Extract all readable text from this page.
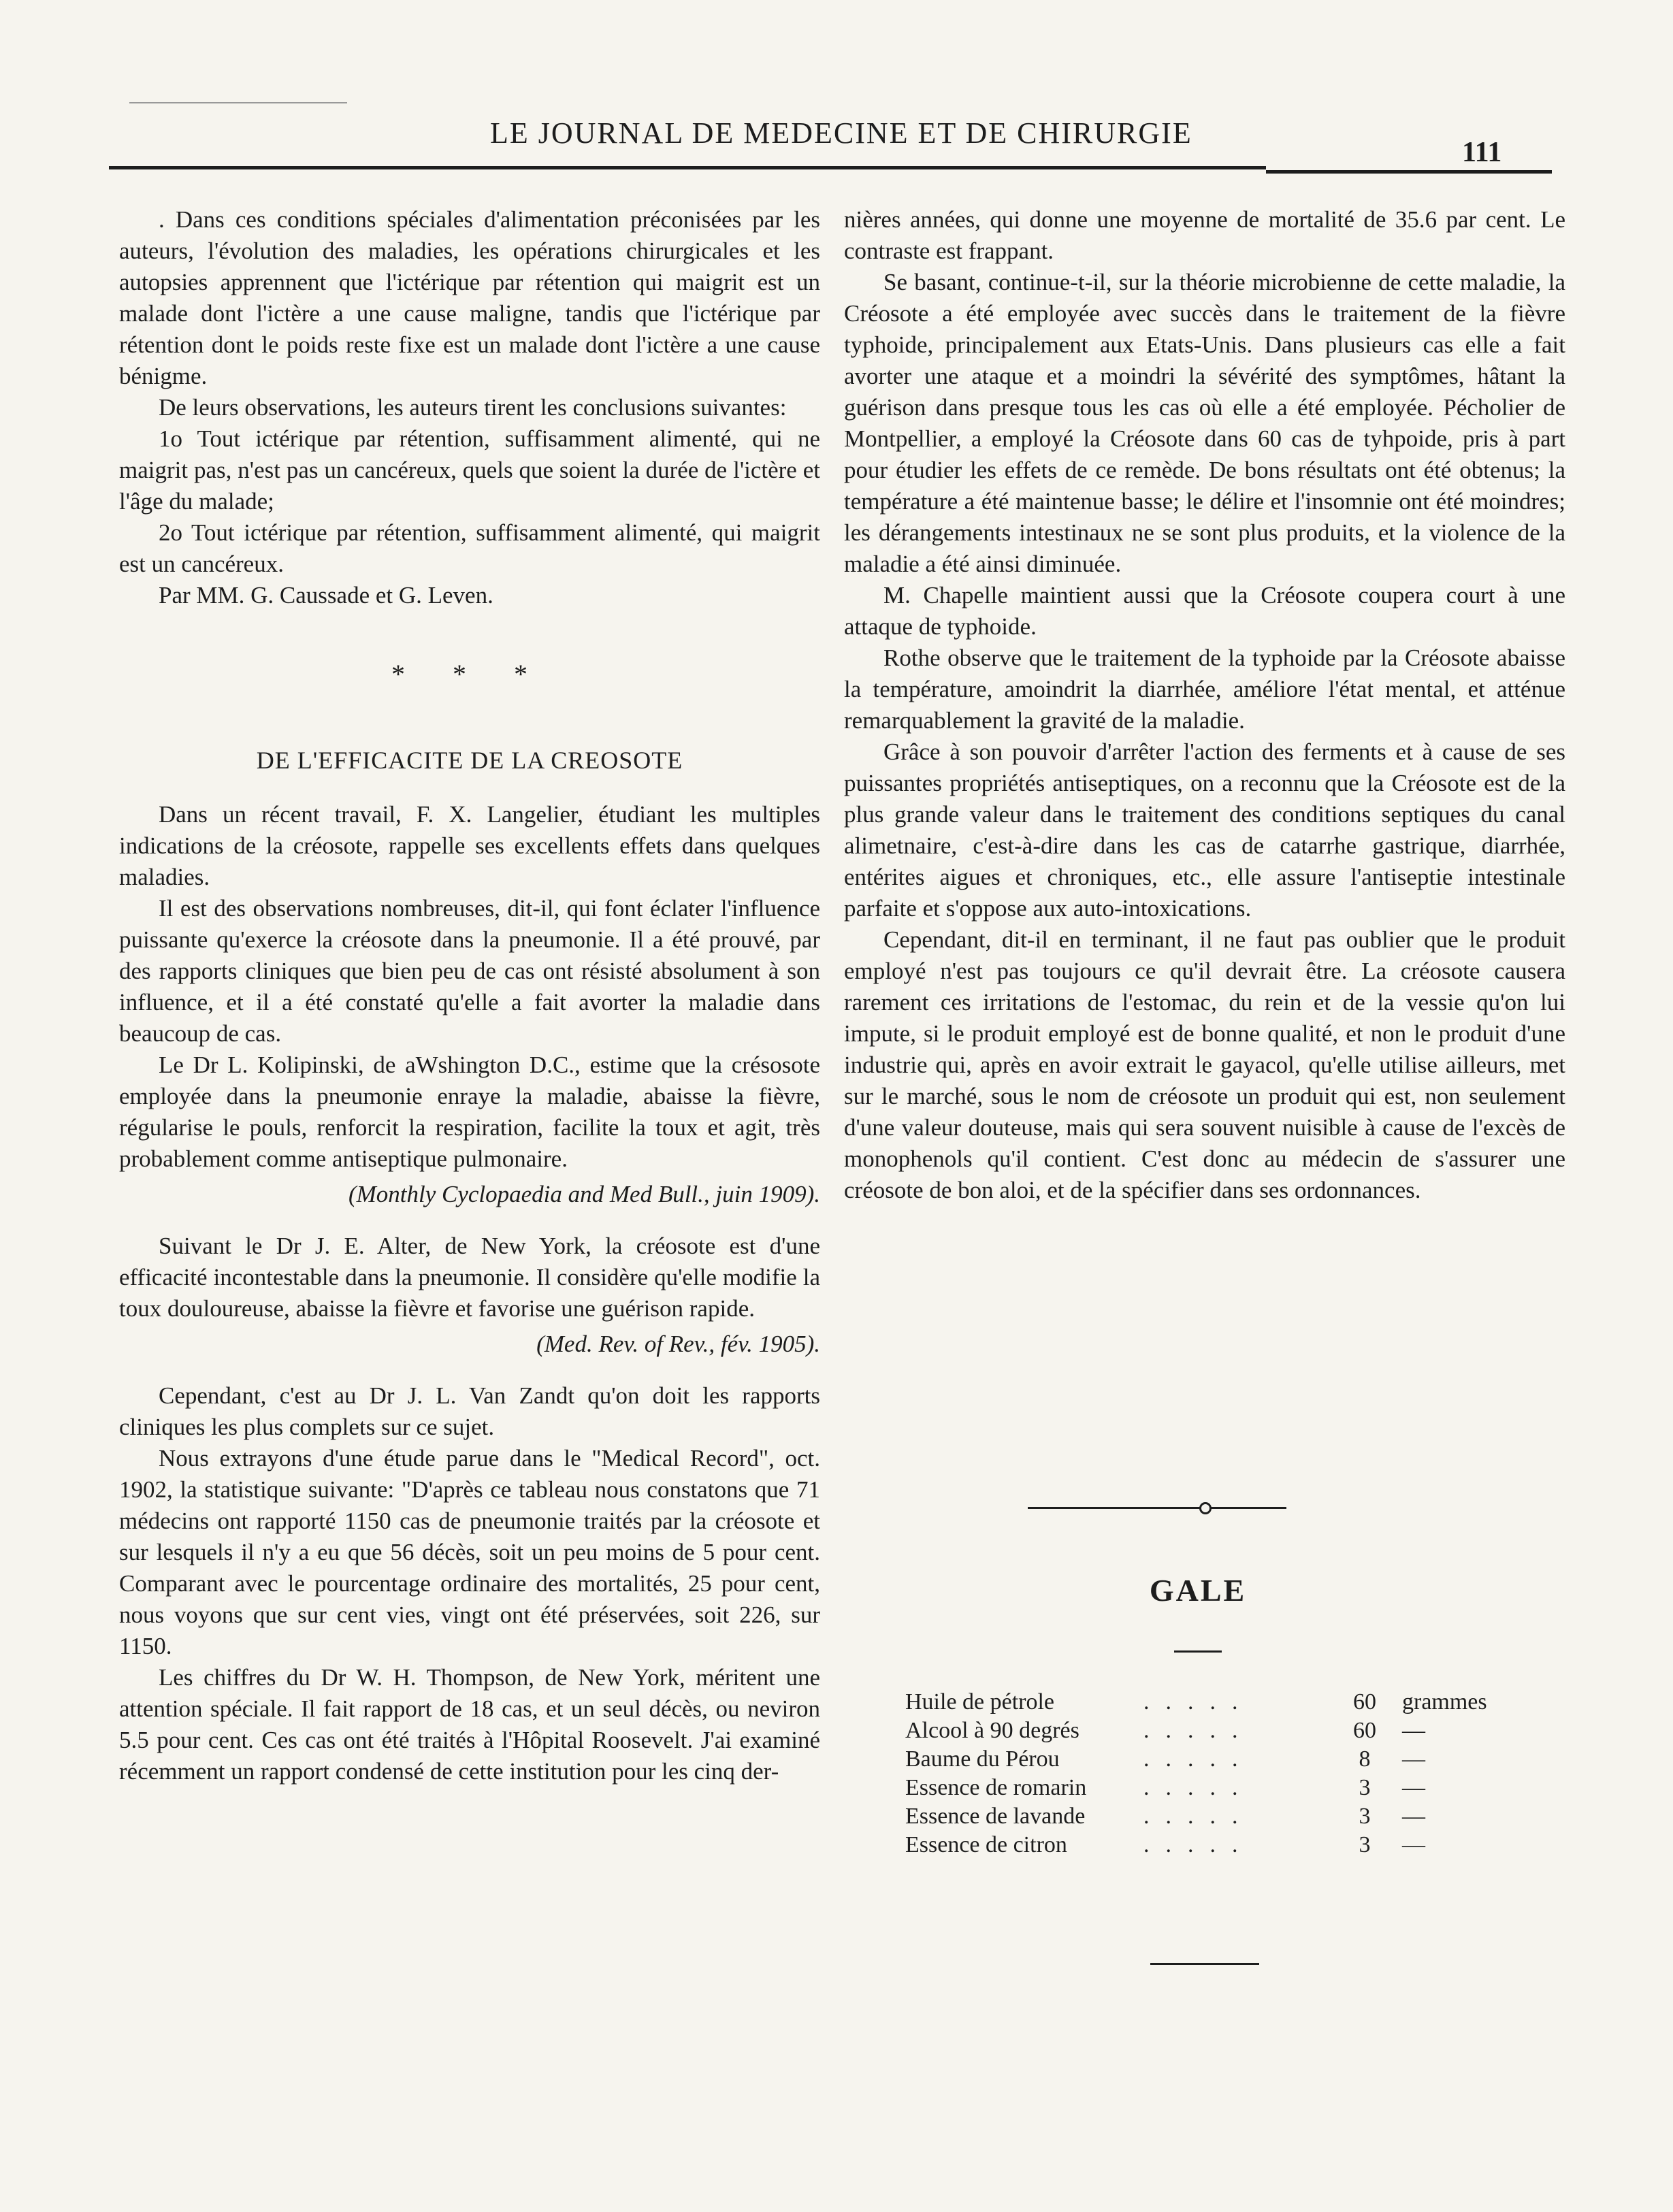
LE JOURNAL DE MEDECINE ET DE CHIRURGIE
111

. Dans ces conditions spéciales d'alimentation préconisées par les auteurs, l'évolution des maladies, les opérations chirurgicales et les autopsies apprennent que l'ictérique par rétention qui maigrit est un malade dont l'ictère a une cause maligne, tandis que l'ictérique par rétention dont le poids reste fixe est un malade dont l'ictère a une cause bénigme.

De leurs observations, les auteurs tirent les conclusions suivantes:

1o Tout ictérique par rétention, suffisamment alimenté, qui ne maigrit pas, n'est pas un cancéreux, quels que soient la durée de l'ictère et l'âge du malade;

2o Tout ictérique par rétention, suffisamment alimenté, qui maigrit est un cancéreux.

Par MM. G. Caussade et G. Leven.

* * *
DE L'EFFICACITE DE LA CREOSOTE

Dans un récent travail, F. X. Langelier, étudiant les multiples indications de la créosote, rappelle ses excellents effets dans quelques maladies.

Il est des observations nombreuses, dit-il, qui font éclater l'influence puissante qu'exerce la créosote dans la pneumonie. Il a été prouvé, par des rapports cliniques que bien peu de cas ont résisté absolument à son influence, et il a été constaté qu'elle a fait avorter la maladie dans beaucoup de cas.

Le Dr L. Kolipinski, de aWshington D.C., estime que la crésosote employée dans la pneumonie enraye la maladie, abaisse la fièvre, régularise le pouls, renforcit la respiration, facilite la toux et agit, très probablement comme antiseptique pulmonaire.

(Monthly Cyclopaedia and Med Bull., juin 1909).

Suivant le Dr J. E. Alter, de New York, la créosote est d'une efficacité incontestable dans la pneumonie. Il considère qu'elle modifie la toux douloureuse, abaisse la fièvre et favorise une guérison rapide.

(Med. Rev. of Rev., fév. 1905).

Cependant, c'est au Dr J. L. Van Zandt qu'on doit les rapports cliniques les plus complets sur ce sujet.

Nous extrayons d'une étude parue dans le "Medical Record", oct. 1902, la statistique suivante: "D'après ce tableau nous constatons que 71 médecins ont rapporté 1150 cas de pneumonie traités par la créosote et sur lesquels il n'y a eu que 56 décès, soit un peu moins de 5 pour cent. Comparant avec le pourcentage ordinaire des mortalités, 25 pour cent, nous voyons que sur cent vies, vingt ont été préservées, soit 226, sur 1150.

Les chiffres du Dr W. H. Thompson, de New York, méritent une attention spéciale. Il fait rapport de 18 cas, et un seul décès, ou neviron 5.5 pour cent. Ces cas ont été traités à l'Hôpital Roosevelt. J'ai examiné récemment un rapport condensé de cette institution pour les cinq der-

nières années, qui donne une moyenne de mortalité de 35.6 par cent. Le contraste est frappant.

Se basant, continue-t-il, sur la théorie microbienne de cette maladie, la Créosote a été employée avec succès dans le traitement de la fièvre typhoide, principalement aux Etats-Unis. Dans plusieurs cas elle a fait avorter une ataque et a moindri la sévérité des symptômes, hâtant la guérison dans presque tous les cas où elle a été employée. Pécholier de Montpellier, a employé la Créosote dans 60 cas de tyhpoide, pris à part pour étudier les effets de ce remède. De bons résultats ont été obtenus; la température a été maintenue basse; le délire et l'insomnie ont été moindres; les dérangements intestinaux ne se sont plus produits, et la violence de la maladie a été ainsi diminuée.

M. Chapelle maintient aussi que la Créosote coupera court à une attaque de typhoide.

Rothe observe que le traitement de la typhoide par la Créosote abaisse la température, amoindrit la diarrhée, améliore l'état mental, et atténue remarquablement la gravité de la maladie.

Grâce à son pouvoir d'arrêter l'action des ferments et à cause de ses puissantes propriétés antiseptiques, on a reconnu que la Créosote est de la plus grande valeur dans le traitement des conditions septiques du canal alimetnaire, c'est-à-dire dans les cas de catarrhe gastrique, diarrhée, entérites aigues et chroniques, etc., elle assure l'antiseptie intestinale parfaite et s'oppose aux auto-intoxications.

Cependant, dit-il en terminant, il ne faut pas oublier que le produit employé n'est pas toujours ce qu'il devrait être. La créosote causera rarement ces irritations de l'estomac, du rein et de la vessie qu'on lui impute, si le produit employé est de bonne qualité, et non le produit d'une industrie qui, après en avoir extrait le gayacol, qu'elle utilise ailleurs, met sur le marché, sous le nom de créosote un produit qui est, non seulement d'une valeur douteuse, mais qui sera souvent nuisible à cause de l'excès de monophenols qu'il contient. C'est donc au médecin de s'assurer une créosote de bon aloi, et de la spécifier dans ses ordonnances.

GALE
Huile de pétrole	.....	60	grammes
Alcool à 90 degrés	.....	60	—
Baume du Pérou	.....	8	—
Essence de romarin .....	3	—
Essence de lavande	.....	3	—
Essence de citron	.....	3	—
